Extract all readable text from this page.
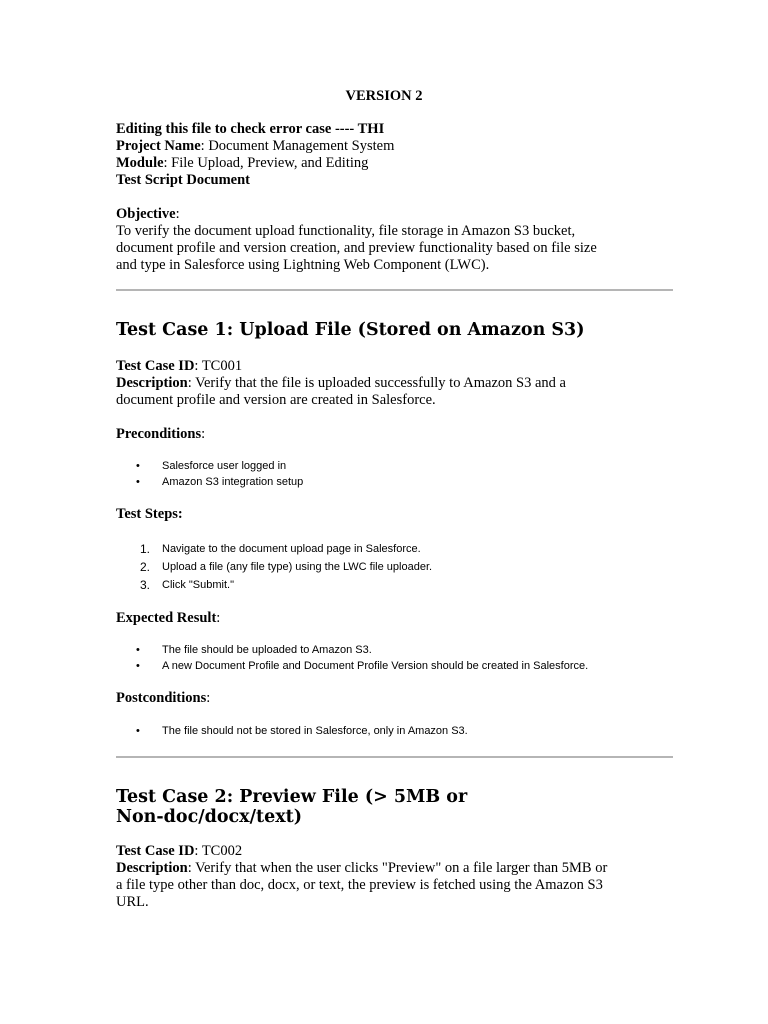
VERSION 2
Editing this file to check error case ---- THI
Project Name: Document Management System
Module: File Upload, Preview, and Editing
Test Script Document
Objective:
To verify the document upload functionality, file storage in Amazon S3 bucket,
document profile and version creation, and preview functionality based on file size
and type in Salesforce using Lightning Web Component (LWC).
Test Case 1: Upload File (Stored on Amazon S3)
Test Case ID: TC001
Description: Verify that the file is uploaded successfully to Amazon S3 and a
document profile and version are created in Salesforce.
Preconditions:
• Salesforce user logged in
• Amazon S3 integration setup
Test Steps:
1. Navigate to the document upload page in Salesforce.
2. Upload a file (any file type) using the LWC file uploader.
3. Click "Submit."
Expected Result:
• The file should be uploaded to Amazon S3.
• A new Document Profile and Document Profile Version should be created in Salesforce.
Postconditions:
• The file should not be stored in Salesforce, only in Amazon S3.
Test Case 2: Preview File (> 5MB or
Non-doc/docx/text)
Test Case ID: TC002
Description: Verify that when the user clicks "Preview" on a file larger than 5MB or
a file type other than doc, docx, or text, the preview is fetched using the Amazon S3
URL.
